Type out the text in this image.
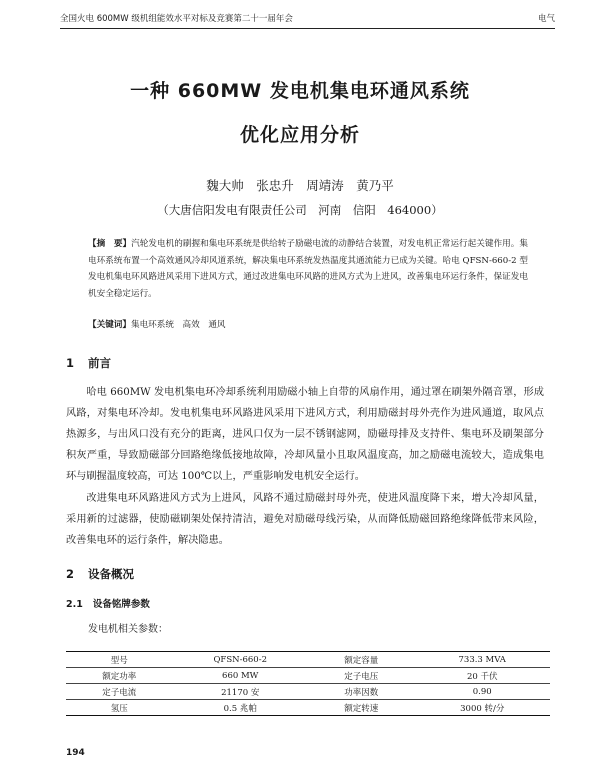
全国火电 600MW 级机组能效水平对标及竞赛第二十一届年会	电气
一种 660MW 发电机集电环通风系统
优化应用分析
魏大帅　张忠升　周靖涛　黄乃平
（大唐信阳发电有限责任公司　河南　信阳　464000）
【摘　要】汽轮发电机的刷握和集电环系统是供给转子励磁电流的动静结合装置，对发电机正常运行起关键作用。集电环系统布置一个高效通风冷却风道系统，解决集电环系统发热温度其通流能力已成为关键。哈电 QFSN-660-2 型发电机集电环风路进风采用下进风方式，通过改进集电环风路的进风方式为上进风，改善集电环运行条件，保证发电机安全稳定运行。
【关键词】集电环系统　高效　通风
1 前言
哈电 660MW 发电机集电环冷却系统利用励磁小轴上自带的风扇作用，通过罩在刷架外隔音罩，形成风路，对集电环冷却。发电机集电环风路进风采用下进风方式，利用励磁封母外壳作为进风通道，取风点热源多，与出风口没有充分的距离，进风口仅为一层不锈钢滤网，励磁母排及支持件、集电环及刷架部分积灰严重，导致励磁部分回路绝缘低接地故障，冷却风量小且取风温度高，加之励磁电流较大，造成集电环与刷握温度较高，可达 100℃以上，严重影响发电机安全运行。
改进集电环风路进风方式为上进风，风路不通过励磁封母外壳，使进风温度降下来，增大冷却风量，采用新的过滤器，使励磁刷架处保持清洁，避免对励磁母线污染，从而降低励磁回路绝缘降低带来风险，改善集电环的运行条件，解决隐患。
2 设备概况
2.1 设备铭牌参数
发电机相关参数：
型号	QFSN-660-2	额定容量	733.3 MVA
额定功率	660 MW	定子电压	20 千伏
定子电流	21170 安	功率因数	0.90
氢压	0.5 兆帕	额定转速	3000 转/分
194
